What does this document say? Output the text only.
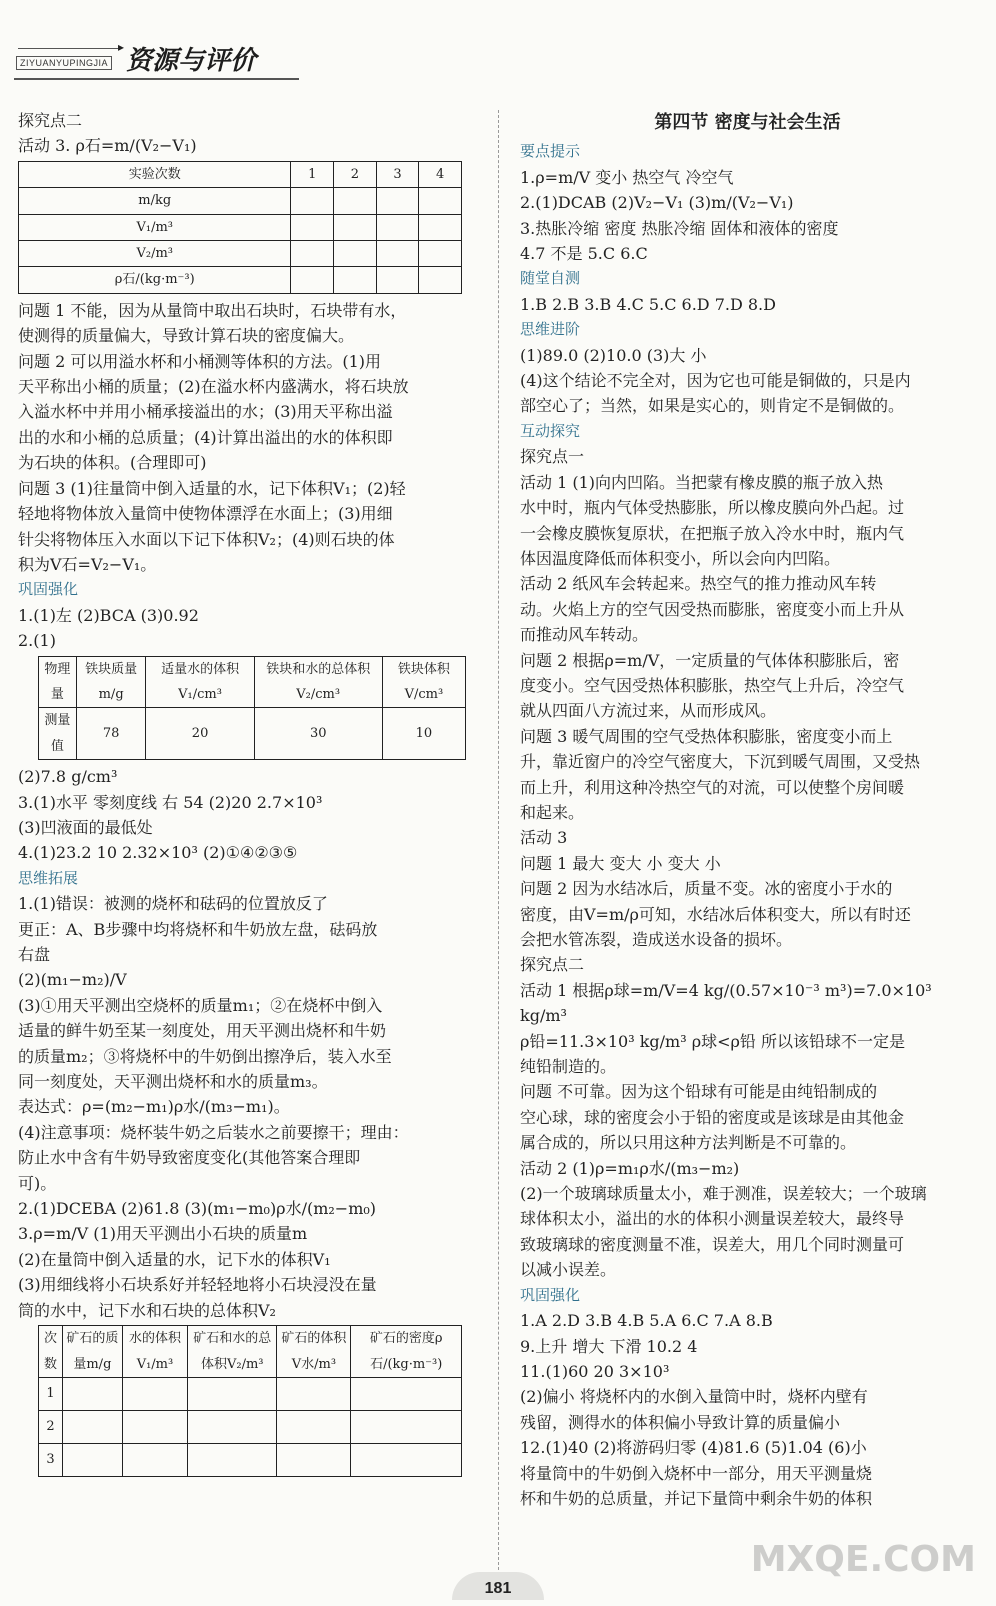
▸
ZIYUANYUPINGJIA 资源与评价

探究点二

活动 3. ρ石=m/(V₂−V₁)

实验次数	1	2	3	4
m/kg				
V₁/m³				
V₂/m³				
ρ石/(kg·m⁻³)				

问题 1 不能，因为从量筒中取出石块时，石块带有水，

使测得的质量偏大，导致计算石块的密度偏大。

问题 2 可以用溢水杯和小桶测等体积的方法。(1)用

天平称出小桶的质量；(2)在溢水杯内盛满水，将石块放

入溢水杯中并用小桶承接溢出的水；(3)用天平称出溢

出的水和小桶的总质量；(4)计算出溢出的水的体积即

为石块的体积。(合理即可)

问题 3 (1)往量筒中倒入适量的水，记下体积V₁；(2)轻

轻地将物体放入量筒中使物体漂浮在水面上；(3)用细

针尖将物体压入水面以下记下体积V₂；(4)则石块的体

积为V石=V₂−V₁。

巩固强化

1.(1)左 (2)BCA (3)0.92

2.(1)

物理量	铁块质量m/g	适量水的体积V₁/cm³	铁块和水的总体积V₂/cm³	铁块体积V/cm³
测量值	78	20	30	10

(2)7.8 g/cm³

3.(1)水平 零刻度线 右 54 (2)20 2.7×10³

(3)凹液面的最低处

4.(1)23.2 10 2.32×10³ (2)①④②③⑤

思维拓展

1.(1)错误：被测的烧杯和砝码的位置放反了

更正：A、B步骤中均将烧杯和牛奶放左盘，砝码放

右盘

(2)(m₁−m₂)/V

(3)①用天平测出空烧杯的质量m₁；②在烧杯中倒入

适量的鲜牛奶至某一刻度处，用天平测出烧杯和牛奶

的质量m₂；③将烧杯中的牛奶倒出擦净后，装入水至

同一刻度处，天平测出烧杯和水的质量m₃。

表达式：ρ=(m₂−m₁)ρ水/(m₃−m₁)。

(4)注意事项：烧杯装牛奶之后装水之前要擦干；理由：

防止水中含有牛奶导致密度变化(其他答案合理即

可)。

2.(1)DCEBA (2)61.8 (3)(m₁−m₀)ρ水/(m₂−m₀)

3.ρ=m/V (1)用天平测出小石块的质量m

(2)在量筒中倒入适量的水，记下水的体积V₁

(3)用细线将小石块系好并轻轻地将小石块浸没在量

筒的水中，记下水和石块的总体积V₂

次数	矿石的质量m/g	水的体积V₁/m³	矿石和水的总体积V₂/m³	矿石的体积V水/m³	矿石的密度ρ石/(kg·m⁻³)
1					
2					
3					

第四节 密度与社会生活

要点提示

1.ρ=m/V 变小 热空气 冷空气

2.(1)DCAB (2)V₂−V₁ (3)m/(V₂−V₁)

3.热胀冷缩 密度 热胀冷缩 固体和液体的密度

4.7 不是 5.C 6.C

随堂自测

1.B 2.B 3.B 4.C 5.C 6.D 7.D 8.D

思维进阶

(1)89.0 (2)10.0 (3)大 小

(4)这个结论不完全对，因为它也可能是铜做的，只是内

部空心了；当然，如果是实心的，则肯定不是铜做的。

互动探究

探究点一

活动 1 (1)向内凹陷。当把蒙有橡皮膜的瓶子放入热

水中时，瓶内气体受热膨胀，所以橡皮膜向外凸起。过

一会橡皮膜恢复原状，在把瓶子放入冷水中时，瓶内气

体因温度降低而体积变小，所以会向内凹陷。

活动 2 纸风车会转起来。热空气的推力推动风车转

动。火焰上方的空气因受热而膨胀，密度变小而上升从

而推动风车转动。

问题 2 根据ρ=m/V，一定质量的气体体积膨胀后，密

度变小。空气因受热体积膨胀，热空气上升后，冷空气

就从四面八方流过来，从而形成风。

问题 3 暖气周围的空气受热体积膨胀，密度变小而上

升，靠近窗户的冷空气密度大，下沉到暖气周围，又受热

而上升，利用这种冷热空气的对流，可以使整个房间暖

和起来。

活动 3

问题 1 最大 变大 小 变大 小

问题 2 因为水结冰后，质量不变。冰的密度小于水的

密度，由V=m/ρ可知，水结冰后体积变大，所以有时还

会把水管冻裂，造成送水设备的损坏。

探究点二

活动 1 根据ρ球=m/V=4 kg/(0.57×10⁻³ m³)=7.0×10³ kg/m³

ρ铅=11.3×10³ kg/m³ ρ球<ρ铅 所以该铅球不一定是

纯铅制造的。

问题 不可靠。因为这个铅球有可能是由纯铅制成的

空心球，球的密度会小于铅的密度或是该球是由其他金

属合成的，所以只用这种方法判断是不可靠的。

活动 2 (1)ρ=m₁ρ水/(m₃−m₂)

(2)一个玻璃球质量太小，难于测准，误差较大；一个玻璃

球体积太小，溢出的水的体积小测量误差较大，最终导

致玻璃球的密度测量不准，误差大，用几个同时测量可

以减小误差。

巩固强化

1.A 2.D 3.B 4.B 5.A 6.C 7.A 8.B

9.上升 增大 下滑 10.2 4

11.(1)60 20 3×10³

(2)偏小 将烧杯内的水倒入量筒中时，烧杯内壁有

残留，测得水的体积偏小导致计算的质量偏小

12.(1)40 (2)将游码归零 (4)81.6 (5)1.04 (6)小

将量筒中的牛奶倒入烧杯中一部分，用天平测量烧

杯和牛奶的总质量，并记下量筒中剩余牛奶的体积

181
MXQE.COM
